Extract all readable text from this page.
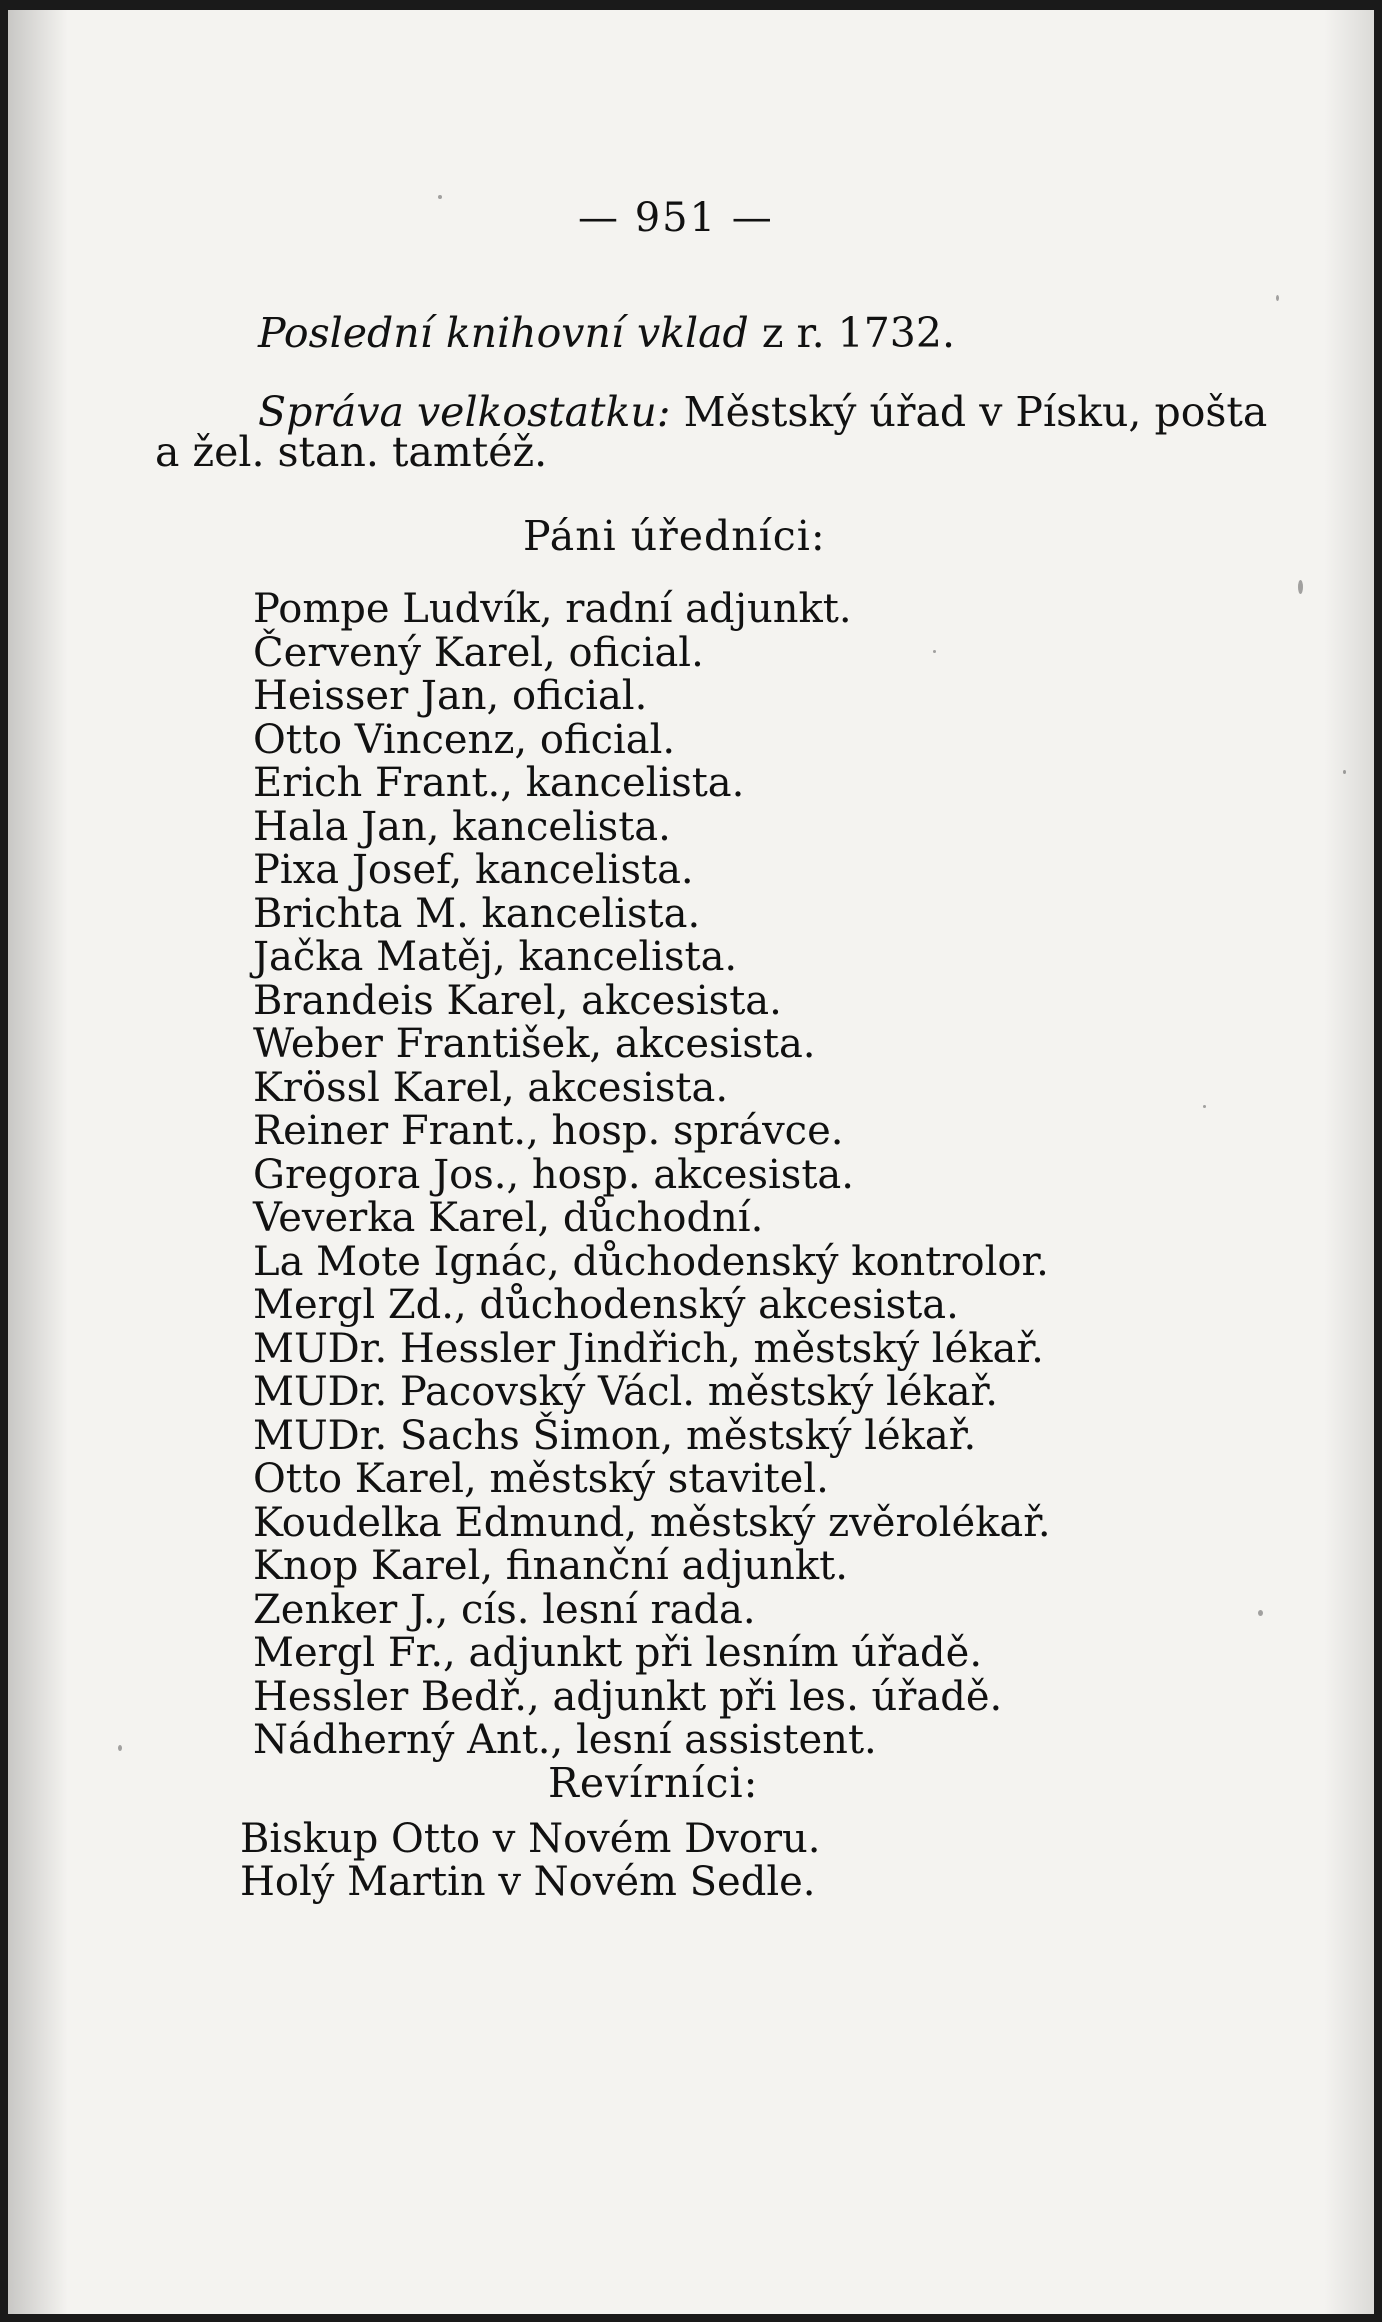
— 951 —
Poslední knihovní vklad z r. 1732.
Správa velkostatku: Městský úřad v Písku, pošta
a žel. stan. tamtéž.
Páni úředníci:
Pompe Ludvík, radní adjunkt.
Červený Karel, oficial.
Heisser Jan, oficial.
Otto Vincenz, oficial.
Erich Frant., kancelista.
Hala Jan, kancelista.
Pixa Josef, kancelista.
Brichta M. kancelista.
Jačka Matěj, kancelista.
Brandeis Karel, akcesista.
Weber František, akcesista.
Krössl Karel, akcesista.
Reiner Frant., hosp. správce.
Gregora Jos., hosp. akcesista.
Veverka Karel, důchodní.
La Mote Ignác, důchodenský kontrolor.
Mergl Zd., důchodenský akcesista.
MUDr. Hessler Jindřich, městský lékař.
MUDr. Pacovský Václ. městský lékař.
MUDr. Sachs Šimon, městský lékař.
Otto Karel, městský stavitel.
Koudelka Edmund, městský zvěrolékař.
Knop Karel, finanční adjunkt.
Zenker J., cís. lesní rada.
Mergl Fr., adjunkt při lesním úřadě.
Hessler Bedř., adjunkt při les. úřadě.
Nádherný Ant., lesní assistent.
Revírníci:
Biskup Otto v Novém Dvoru.
Holý Martin v Novém Sedle.
